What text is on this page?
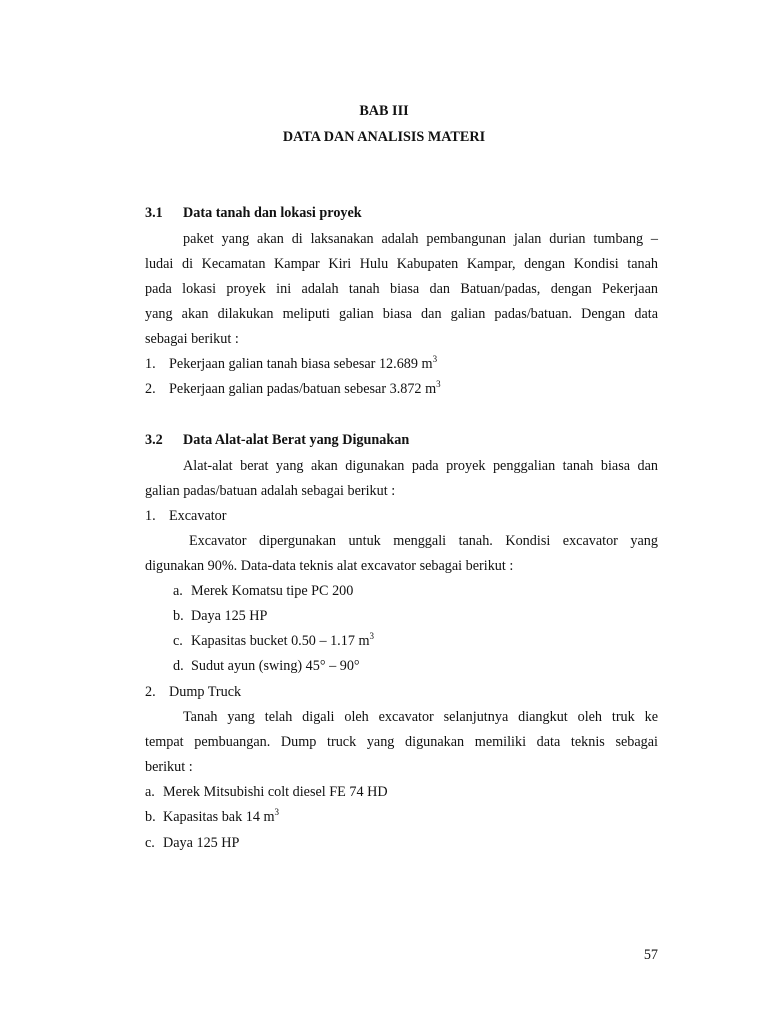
BAB III
DATA DAN ANALISIS MATERI
3.1 Data tanah dan lokasi proyek
paket yang akan di laksanakan adalah pembangunan jalan durian tumbang –
ludai di Kecamatan Kampar Kiri Hulu Kabupaten Kampar, dengan Kondisi tanah
pada lokasi proyek ini adalah tanah biasa dan Batuan/padas, dengan Pekerjaan
yang akan dilakukan meliputi galian biasa dan galian padas/batuan. Dengan data
sebagai berikut :
1. Pekerjaan galian tanah biasa sebesar 12.689 $m^3$
2. Pekerjaan galian padas/batuan sebesar 3.872 $m^3$
3.2 Data Alat-alat Berat yang Digunakan
Alat-alat berat yang akan digunakan pada proyek penggalian tanah biasa dan
galian padas/batuan adalah sebagai berikut :
1. Excavator
Excavator dipergunakan untuk menggali tanah. Kondisi excavator yang
digunakan 90%. Data-data teknis alat excavator sebagai berikut :
a. Merek Komatsu tipe PC 200
b. Daya 125 HP
c. Kapasitas bucket 0.50 – 1.17 $m^3$
d. Sudut ayun (swing) 45° – 90°
2. Dump Truck
Tanah yang telah digali oleh excavator selanjutnya diangkut oleh truk ke
tempat pembuangan. Dump truck yang digunakan memiliki data teknis sebagai
berikut :
a. Merek Mitsubishi colt diesel FE 74 HD
b. Kapasitas bak 14 $m^3$
c. Daya 125 HP
57
